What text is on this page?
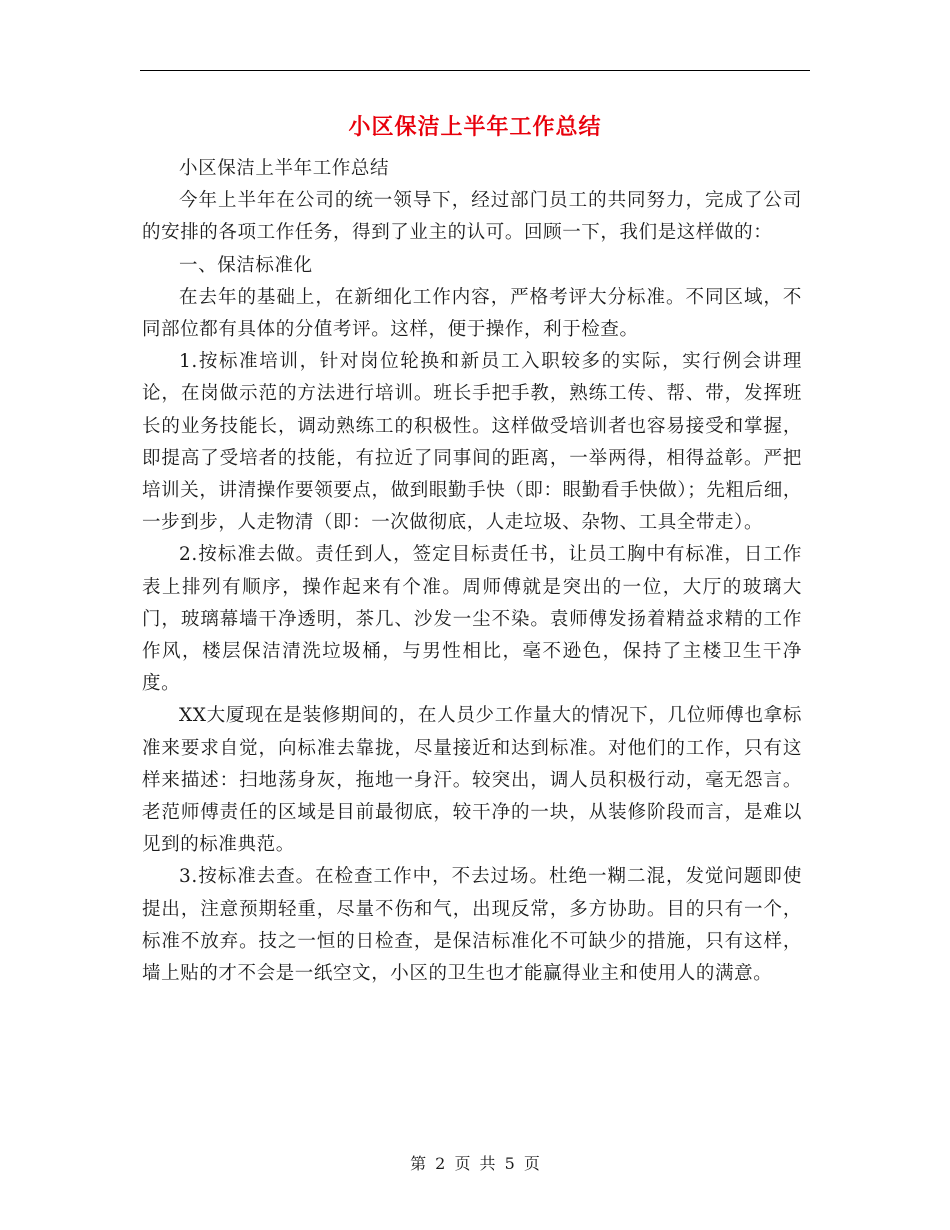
小区保洁上半年工作总结

小区保洁上半年工作总结

今年上半年在公司的统一领导下，经过部门员工的共同努力，完成了公司的安排的各项工作任务，得到了业主的认可。回顾一下，我们是这样做的：

一、保洁标准化

在去年的基础上，在新细化工作内容，严格考评大分标准。不同区域，不同部位都有具体的分值考评。这样，便于操作，利于检查。

1.按标准培训，针对岗位轮换和新员工入职较多的实际，实行例会讲理论，在岗做示范的方法进行培训。班长手把手教，熟练工传、帮、带，发挥班长的业务技能长，调动熟练工的积极性。这样做受培训者也容易接受和掌握，即提高了受培者的技能，有拉近了同事间的距离，一举两得，相得益彰。严把培训关，讲清操作要领要点，做到眼勤手快（即：眼勤看手快做）；先粗后细，一步到步，人走物清（即：一次做彻底，人走垃圾、杂物、工具全带走）。

2.按标准去做。责任到人，签定目标责任书，让员工胸中有标准，日工作表上排列有顺序，操作起来有个准。周师傅就是突出的一位，大厅的玻璃大门，玻璃幕墙干净透明，茶几、沙发一尘不染。袁师傅发扬着精益求精的工作作风，楼层保洁清洗垃圾桶，与男性相比，毫不逊色，保持了主楼卫生干净度。

XX大厦现在是装修期间的，在人员少工作量大的情况下，几位师傅也拿标准来要求自觉，向标准去靠拢，尽量接近和达到标准。对他们的工作，只有这样来描述：扫地荡身灰，拖地一身汗。较突出，调人员积极行动，毫无怨言。老范师傅责任的区域是目前最彻底，较干净的一块，从装修阶段而言，是难以见到的标准典范。

3.按标准去查。在检查工作中，不去过场。杜绝一糊二混，发觉问题即使提出，注意预期轻重，尽量不伤和气，出现反常，多方协助。目的只有一个，标准不放弃。技之一恒的日检查，是保洁标准化不可缺少的措施，只有这样，墙上贴的才不会是一纸空文，小区的卫生也才能赢得业主和使用人的满意。

第 2 页 共 5 页
